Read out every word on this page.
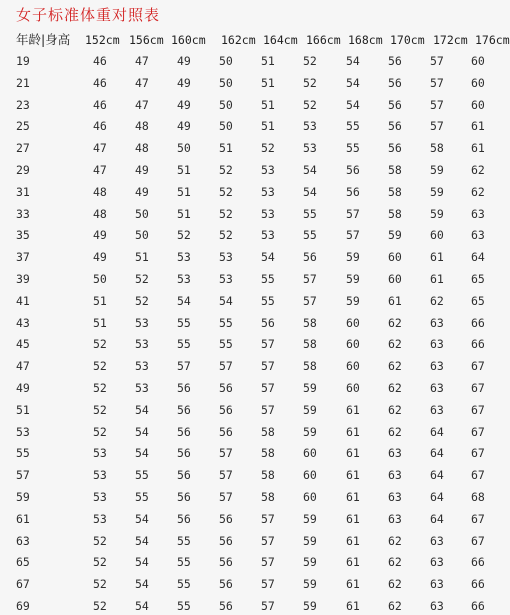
女子标准体重对照表
年龄|身高 152cm 156cm 160cm 162cm 164cm 166cm 168cm 170cm 172cm 176cm
19	46 47 49 50 51 52	54 56 57 60
21	46 47 49 50 51 52	54 56 57 60
23	46 47 49 50 51 52	54 56 57 60
25	46 48 49 50 51 53	55 56 57 61
27	47 48 50 51 52 53	55 56 58 61
29	47 49 51 52 53 54	56 58 59 62
31	48 49 51 52 53 54	56 58 59 62
33	48 50 51 52 53 55	57 58 59 63
35	49 50 52 52 53 55	57 59 60 63
37	49 51 53 53 54 56	59 60 61 64
39	50 52 53 53 55 57	59 60 61 65
41	51 52 54 54 55 57	59 61 62 65
43	51 53 55 55 56 58	60 62 63 66
45	52 53 55 55 57 58	60 62 63 66
47	52 53 57 57 57 58	60 62 63 67
49	52 53 56 56 57 59	60 62 63 67
51	52 54 56 56 57 59	61 62 63 67
53	52 54 56 56 58 59	61 62 64 67
55	53 54 56 57 58 60	61 63 64 67
57	53 55 56 57 58 60	61 63 64 67
59	53 55 56 57 58 60	61 63 64 68
61	53 54 56 56 57 59	61 63 64 67
63	52 54 55 56 57 59	61 62 63 67
65	52 54 55 56 57 59	61 62 63 66
67	52 54 55 56 57 59	61 62 63 66
69	52 54 55 56 57 59	61 62 63 66
